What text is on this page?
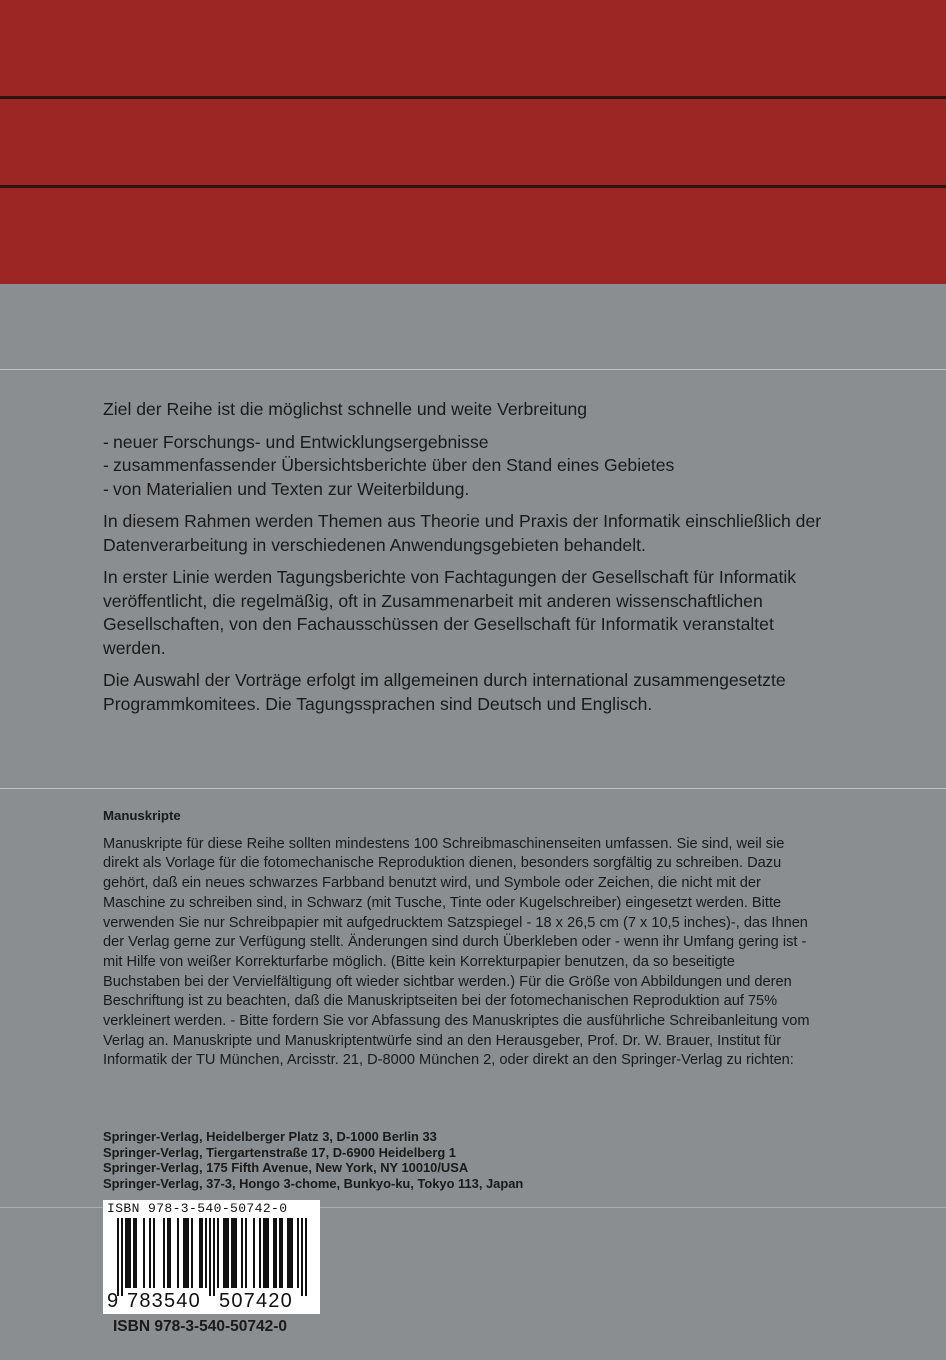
Ziel der Reihe ist die möglichst schnelle und weite Verbreitung

- neuer Forschungs- und Entwicklungsergebnisse
- zusammenfassender Übersichtsberichte über den Stand eines Gebietes
- von Materialien und Texten zur Weiterbildung.

In diesem Rahmen werden Themen aus Theorie und Praxis der Informatik einschließlich der Datenverarbeitung in verschiedenen Anwendungsgebieten behandelt.

In erster Linie werden Tagungsberichte von Fachtagungen der Gesellschaft für Informatik veröffentlicht, die regelmäßig, oft in Zusammenarbeit mit anderen wissenschaftlichen Gesellschaften, von den Fachausschüssen der Gesellschaft für Informatik veranstaltet werden.

Die Auswahl der Vorträge erfolgt im allgemeinen durch international zusammengesetzte Programmkomitees. Die Tagungssprachen sind Deutsch und Englisch.

Manuskripte

Manuskripte für diese Reihe sollten mindestens 100 Schreibmaschinenseiten umfassen. Sie sind, weil sie direkt als Vorlage für die fotomechanische Reproduktion dienen, besonders sorgfältig zu schreiben. Dazu gehört, daß ein neues schwarzes Farbband benutzt wird, und Symbole oder Zeichen, die nicht mit der Maschine zu schreiben sind, in Schwarz (mit Tusche, Tinte oder Kugelschreiber) eingesetzt werden. Bitte verwenden Sie nur Schreibpapier mit aufgedrucktem Satzspiegel - 18 x 26,5 cm (7 x 10,5 inches)-, das Ihnen der Verlag gerne zur Verfügung stellt. Änderungen sind durch Überkleben oder - wenn ihr Umfang gering ist - mit Hilfe von weißer Korrekturfarbe möglich. (Bitte kein Korrekturpapier benutzen, da so beseitigte Buchstaben bei der Vervielfältigung oft wieder sichtbar werden.) Für die Größe von Abbildungen und deren Beschriftung ist zu beachten, daß die Manuskriptseiten bei der fotomechanischen Reproduktion auf 75% verkleinert werden. - Bitte fordern Sie vor Abfassung des Manuskriptes die ausführliche Schreibanleitung vom Verlag an. Manuskripte und Manuskriptentwürfe sind an den Herausgeber, Prof. Dr. W. Brauer, Institut für Informatik der TU München, Arcisstr. 21, D-8000 München 2, oder direkt an den Springer-Verlag zu richten:

Springer-Verlag, Heidelberger Platz 3, D-1000 Berlin 33
Springer-Verlag, Tiergartenstraße 17, D-6900 Heidelberg 1
Springer-Verlag, 175 Fifth Avenue, New York, NY 10010/USA
Springer-Verlag, 37-3, Hongo 3-chome, Bunkyo-ku, Tokyo 113, Japan
ISBN 978-3-540-50742-0
9 783540 507420
ISBN 978-3-540-50742-0
